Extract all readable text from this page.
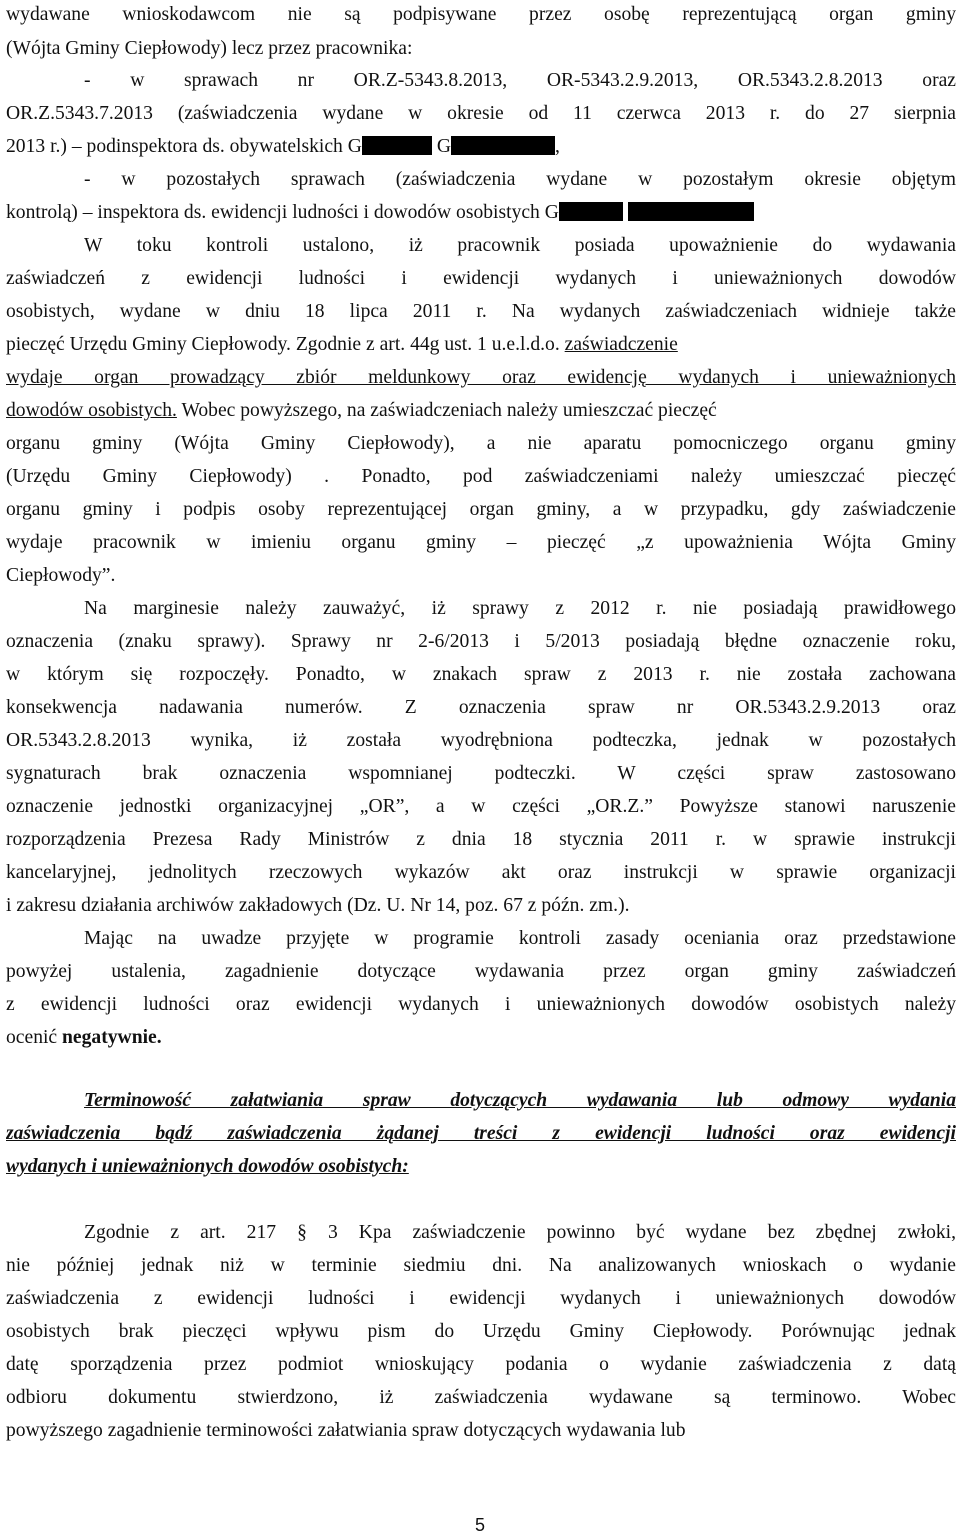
wydawane wnioskodawcom nie są podpisywane przez osobę reprezentującą organ gminy
(Wójta Gminy Ciepłowody) lecz przez pracownika:
- w sprawach nr OR.Z-5343.8.2013, OR-5343.2.9.2013, OR.5343.2.8.2013 oraz
OR.Z.5343.7.2013 (zaświadczenia wydane w okresie od 11 czerwca 2013 r. do 27 sierpnia
2013 r.) – podinspektora ds. obywatelskich G	G	,
- w pozostałych sprawach (zaświadczenia wydane w pozostałym okresie objętym
kontrolą) – inspektora ds. ewidencji ludności i dowodów osobistych G
W toku kontroli ustalono, iż pracownik posiada upoważnienie do wydawania
zaświadczeń z ewidencji ludności i ewidencji wydanych i unieważnionych dowodów
osobistych, wydane w dniu 18 lipca 2011 r. Na wydanych zaświadczeniach widnieje także
pieczęć Urzędu Gminy Ciepłowody. Zgodnie z art. 44g ust. 1 u.e.l.d.o. zaświadczenie
wydaje organ prowadzący zbiór meldunkowy oraz ewidencję wydanych i unieważnionych
dowodów osobistych. Wobec powyższego, na zaświadczeniach należy umieszczać pieczęć
organu gminy (Wójta Gminy Ciepłowody), a nie aparatu pomocniczego organu gminy
(Urzędu Gminy Ciepłowody) . Ponadto, pod zaświadczeniami należy umieszczać pieczęć
organu gminy i podpis osoby reprezentującej organ gminy, a w przypadku, gdy zaświadczenie
wydaje pracownik w imieniu organu gminy – pieczęć „z upoważnienia Wójta Gminy
Ciepłowody”.
Na marginesie należy zauważyć, iż sprawy z 2012 r. nie posiadają prawidłowego
oznaczenia (znaku sprawy). Sprawy nr 2-6/2013 i 5/2013 posiadają błędne oznaczenie roku,
w którym się rozpoczęły. Ponadto, w znakach spraw z 2013 r. nie została zachowana
konsekwencja nadawania numerów. Z oznaczenia spraw nr OR.5343.2.9.2013 oraz
OR.5343.2.8.2013 wynika, iż została wyodrębniona podteczka, jednak w pozostałych
sygnaturach brak oznaczenia wspomnianej podteczki. W części spraw zastosowano
oznaczenie jednostki organizacyjnej „OR”, a w części „OR.Z.” Powyższe stanowi naruszenie
rozporządzenia Prezesa Rady Ministrów z dnia 18 stycznia 2011 r. w sprawie instrukcji
kancelaryjnej, jednolitych rzeczowych wykazów akt oraz instrukcji w sprawie organizacji
i zakresu działania archiwów zakładowych (Dz. U. Nr 14, poz. 67 z późn. zm.).
Mając na uwadze przyjęte w programie kontroli zasady oceniania oraz przedstawione
powyżej ustalenia, zagadnienie dotyczące wydawania przez organ gminy zaświadczeń
z ewidencji ludności oraz ewidencji wydanych i unieważnionych dowodów osobistych należy
ocenić negatywnie.
Terminowość załatwiania spraw dotyczących wydawania lub odmowy wydania
zaświadczenia bądź zaświadczenia żądanej treści z ewidencji ludności oraz ewidencji
wydanych i unieważnionych dowodów osobistych:
Zgodnie z art. 217 § 3 Kpa zaświadczenie powinno być wydane bez zbędnej zwłoki,
nie później jednak niż w terminie siedmiu dni. Na analizowanych wnioskach o wydanie
zaświadczenia z ewidencji ludności i ewidencji wydanych i unieważnionych dowodów
osobistych brak pieczęci wpływu pism do Urzędu Gminy Ciepłowody. Porównując jednak
datę sporządzenia przez podmiot wnioskujący podania o wydanie zaświadczenia z datą
odbioru dokumentu stwierdzono, iż zaświadczenia wydawane są terminowo. Wobec
powyższego zagadnienie terminowości załatwiania spraw dotyczących wydawania lub
5
